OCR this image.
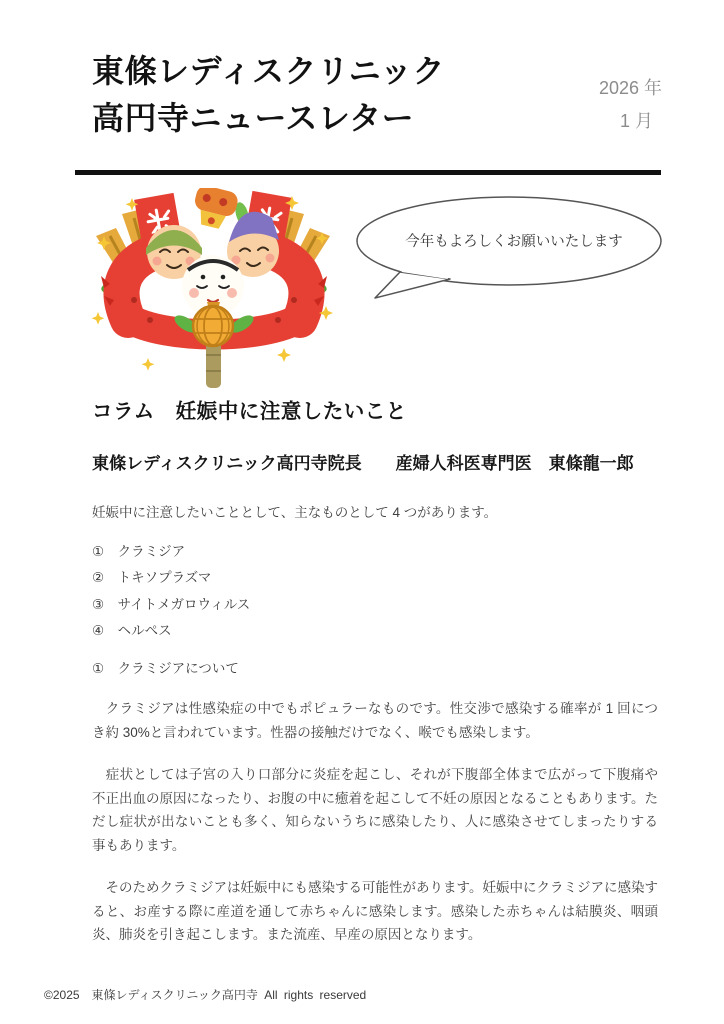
東條レディスクリニック
高円寺ニュースレター
2026 年
1 月
今年もよろしくお願いいたします
コラム　妊娠中に注意したいこと
東條レディスクリニック高円寺院長　　産婦人科医専門医　東條龍一郎

妊娠中に注意したいこととして、主なものとして 4 つがあります。

①　クラミジア
②　トキソプラズマ
③　サイトメガロウィルス
④　ヘルペス

①　クラミジアについて

　クラミジアは性感染症の中でもポピュラーなものです。性交渉で感染する確率が 1 回につき約 30%と言われています。性器の接触だけでなく、喉でも感染します。

　症状としては子宮の入り口部分に炎症を起こし、それが下腹部全体まで広がって下腹痛や不正出血の原因になったり、お腹の中に癒着を起こして不妊の原因となることもあります。ただし症状が出ないことも多く、知らないうちに感染したり、人に感染させてしまったりする事もあります。

　そのためクラミジアは妊娠中にも感染する可能性があります。妊娠中にクラミジアに感染すると、お産する際に産道を通して赤ちゃんに感染します。感染した赤ちゃんは結膜炎、咽頭炎、肺炎を引き起こします。また流産、早産の原因となります。

©2025　東條レディスクリニック高円寺 All rights reserved
